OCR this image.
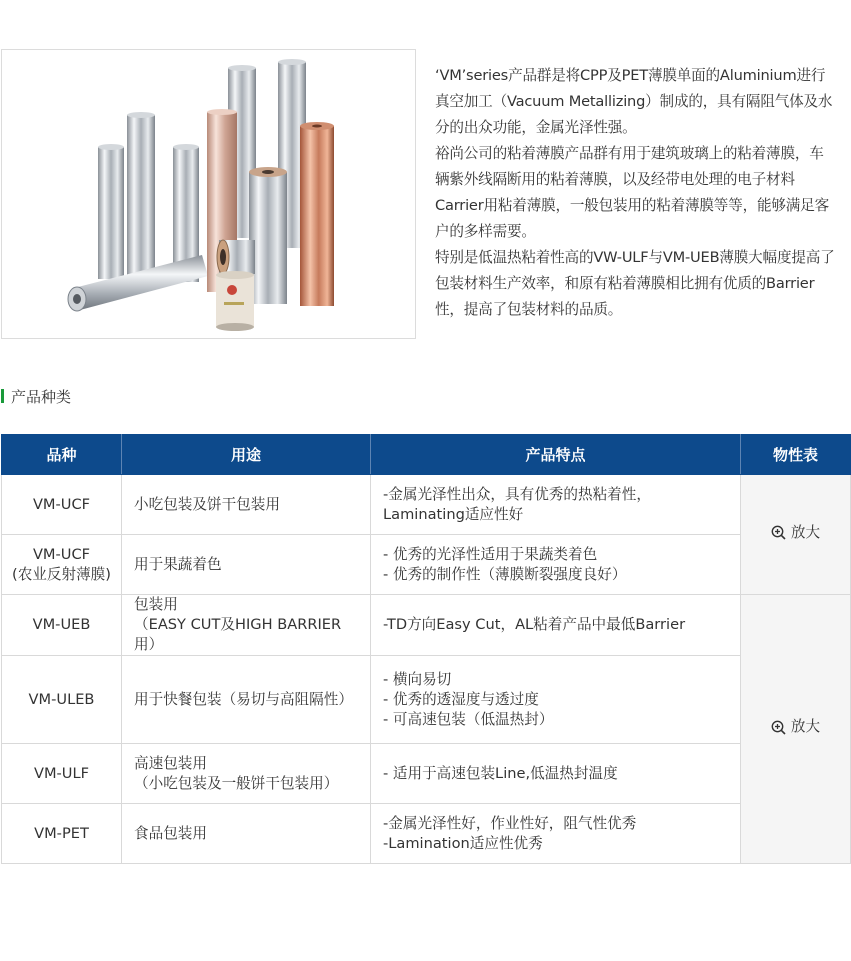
‘VM’series产品群是将CPP及PET薄膜单面的Aluminium进行真空加工（Vacuum Metallizing）制成的，具有隔阻气体及水分的出众功能，金属光泽性强。

裕尚公司的粘着薄膜产品群有用于建筑玻璃上的粘着薄膜，车辆紫外线隔断用的粘着薄膜，以及经带电处理的电子材料Carrier用粘着薄膜，一般包装用的粘着薄膜等等，能够满足客户的多样需要。

特别是低温热粘着性高的VW-ULF与VM-UEB薄膜大幅度提高了包装材料生产效率，和原有粘着薄膜相比拥有优质的Barrier性，提高了包装材料的品质。

产品种类
品种	用途	产品特点	物性表

VM-UCF	小吃包装及饼干包装用	-金属光泽性出众，具有优秀的热粘着性，
Laminating适应性好	放大

VM-UCF
(农业反射薄膜)	用于果蔬着色	- 优秀的光泽性适用于果蔬类着色
- 优秀的制作性（薄膜断裂强度良好）	

VM-UEB	包装用
（EASY CUT及HIGH BARRIER用）	-TD方向Easy Cut，AL粘着产品中最低Barrier	放大

VM-ULEB	用于快餐包装（易切与高阻隔性）	- 横向易切
- 优秀的透湿度与透过度
- 可高速包装（低温热封）	

VM-ULF	高速包装用
（小吃包装及一般饼干包装用）	- 适用于高速包装Line,低温热封温度	

VM-PET	食品包装用	-金属光泽性好，作业性好，阻气性优秀
-Lamination适应性优秀	
